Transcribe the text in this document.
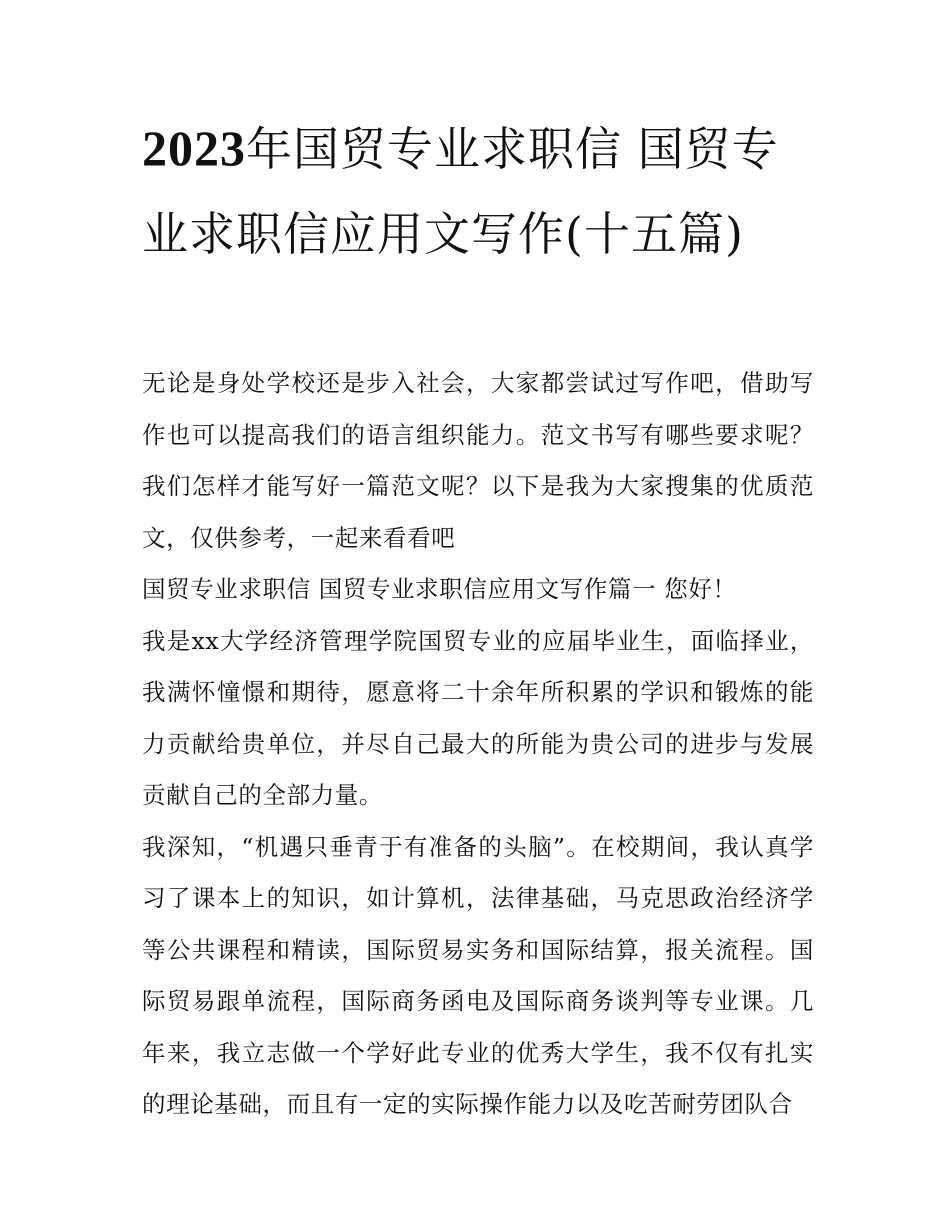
2023年国贸专业求职信 国贸专业求职信应用文写作(十五篇)

无论是身处学校还是步入社会，大家都尝试过写作吧，借助写作也可以提高我们的语言组织能力。范文书写有哪些要求呢？我们怎样才能写好一篇范文呢？以下是我为大家搜集的优质范文，仅供参考，一起来看看吧

国贸专业求职信 国贸专业求职信应用文写作篇一 您好！

我是xx大学经济管理学院国贸专业的应届毕业生，面临择业，我满怀憧憬和期待，愿意将二十余年所积累的学识和锻炼的能力贡献给贵单位，并尽自己最大的所能为贵公司的进步与发展贡献自己的全部力量。

我深知，“机遇只垂青于有准备的头脑”。在校期间，我认真学习了课本上的知识，如计算机，法律基础，马克思政治经济学等公共课程和精读，国际贸易实务和国际结算，报关流程。国际贸易跟单流程，国际商务函电及国际商务谈判等专业课。几年来，我立志做一个学好此专业的优秀大学生，我不仅有扎实的理论基础，而且有一定的实际操作能力以及吃苦耐劳团队合
